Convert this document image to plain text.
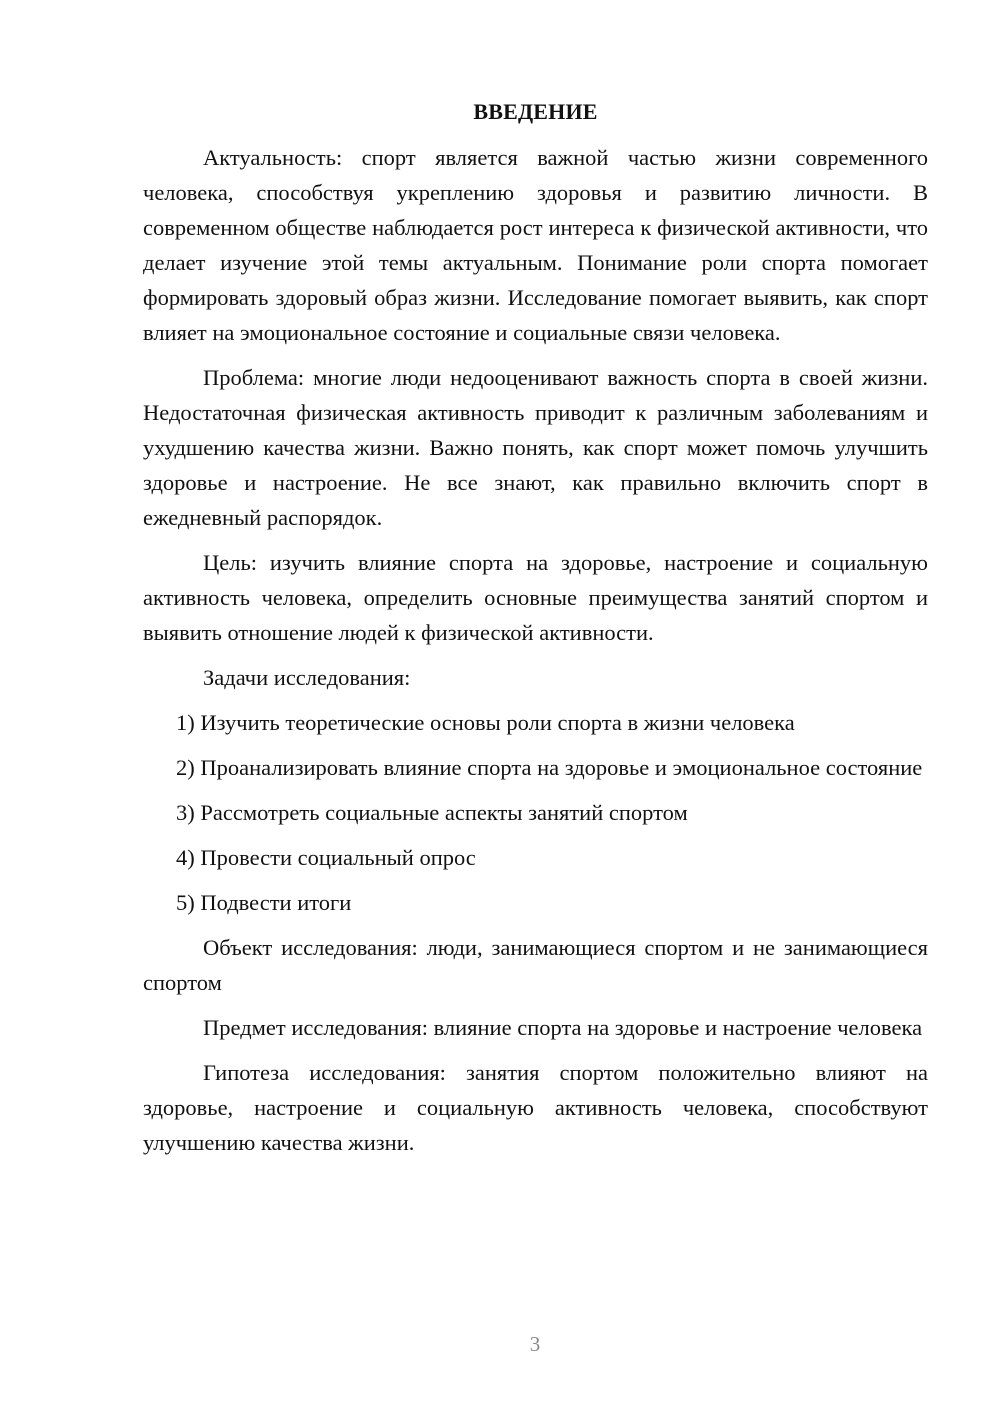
ВВЕДЕНИЕ

Актуальность: спорт является важной частью жизни современного человека, способствуя укреплению здоровья и развитию личности. В современном обществе наблюдается рост интереса к физической активности, что делает изучение этой темы актуальным. Понимание роли спорта помогает формировать здоровый образ жизни. Исследование помогает выявить, как спорт влияет на эмоциональное состояние и социальные связи человека.

Проблема: многие люди недооценивают важность спорта в своей жизни. Недостаточная физическая активность приводит к различным заболеваниям и ухудшению качества жизни. Важно понять, как спорт может помочь улучшить здоровье и настроение. Не все знают, как правильно включить спорт в ежедневный распорядок.

Цель: изучить влияние спорта на здоровье, настроение и социальную активность человека, определить основные преимущества занятий спортом и выявить отношение людей к физической активности.

Задачи исследования:

1) Изучить теоретические основы роли спорта в жизни человека

2) Проанализировать влияние спорта на здоровье и эмоциональное состояние

3) Рассмотреть социальные аспекты занятий спортом

4) Провести социальный опрос

5) Подвести итоги

Объект исследования: люди, занимающиеся спортом и не занимающиеся спортом

Предмет исследования: влияние спорта на здоровье и настроение человека

Гипотеза исследования: занятия спортом положительно влияют на здоровье, настроение и социальную активность человека, способствуют улучшению качества жизни.

3
